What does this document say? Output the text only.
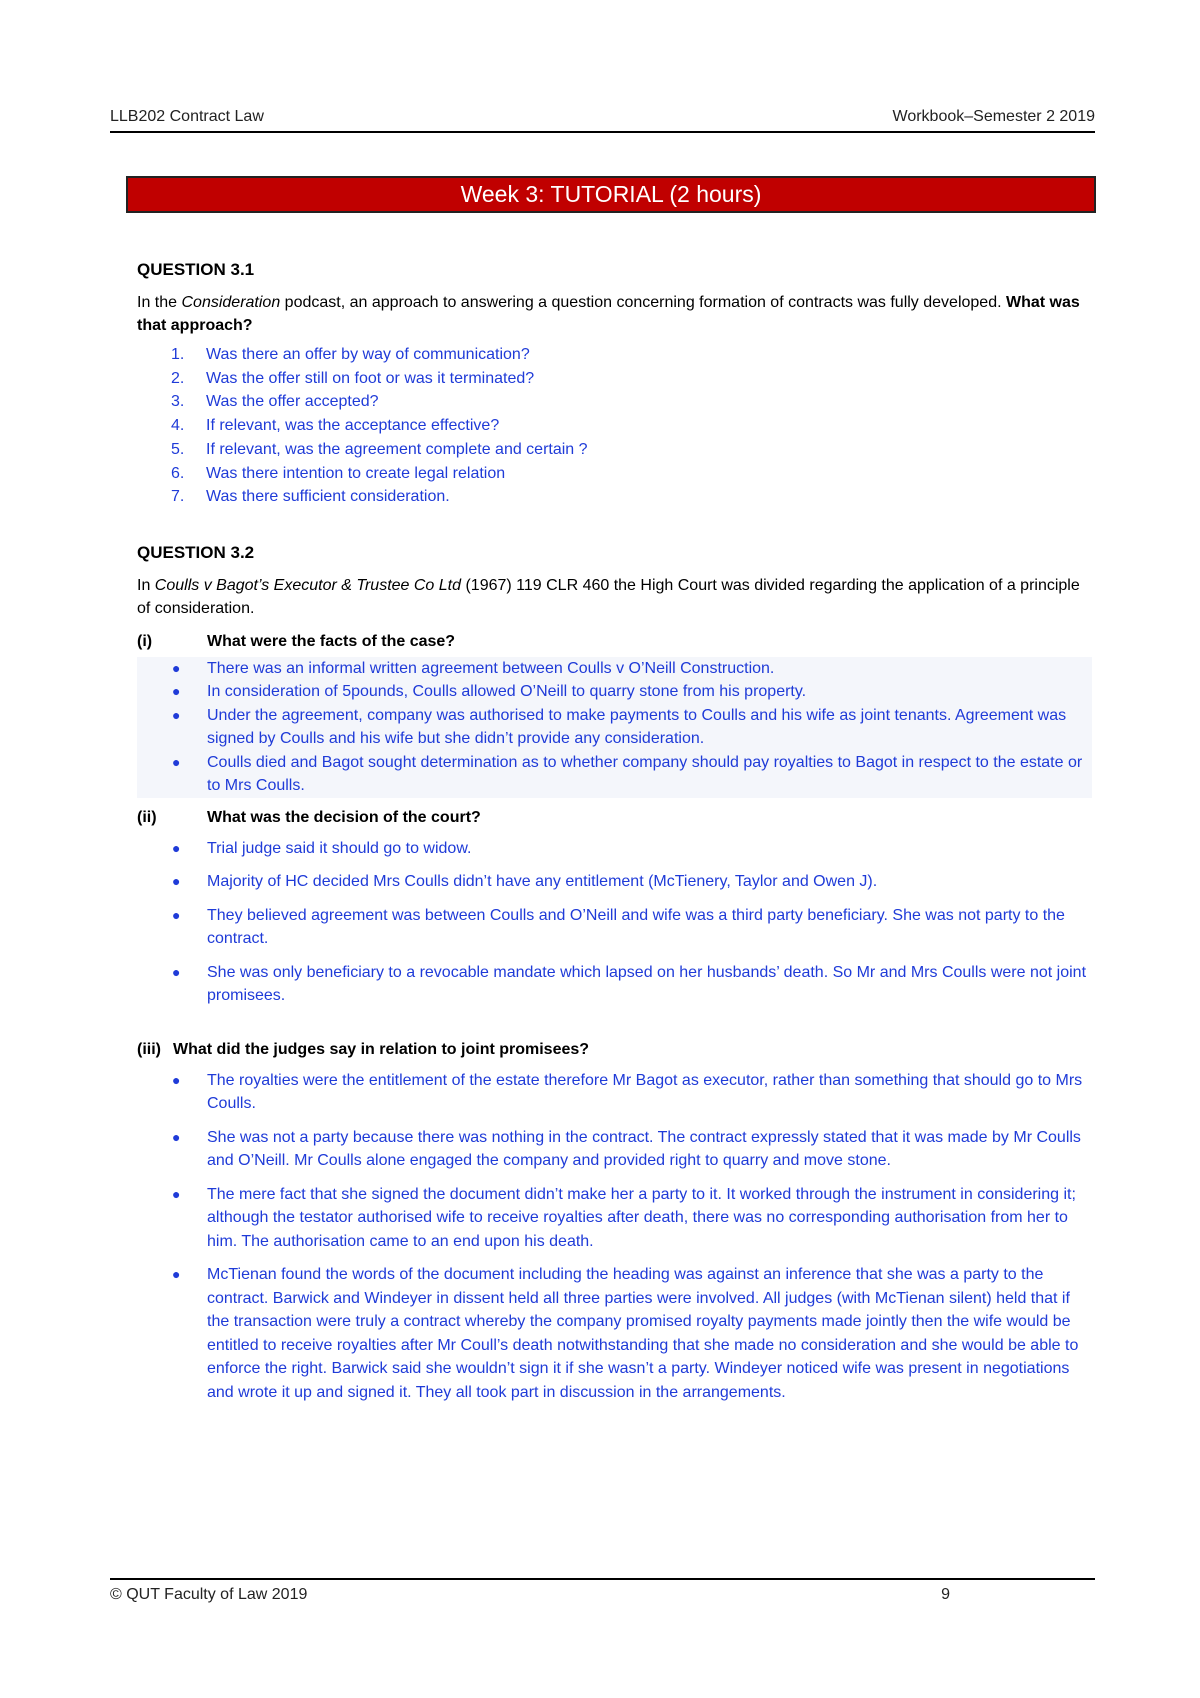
LLB202 Contract Law	Workbook–Semester 2 2019
Week 3: TUTORIAL (2 hours)
QUESTION 3.1

In the Consideration podcast, an approach to answering a question concerning formation of contracts was fully developed. What was that approach?

1. Was there an offer by way of communication?
2. Was the offer still on foot or was it terminated?
3. Was the offer accepted?
4. If relevant, was the acceptance effective?
5. If relevant, was the agreement complete and certain ?
6. Was there intention to create legal relation
7. Was there sufficient consideration.
QUESTION 3.2

In Coulls v Bagot’s Executor & Trustee Co Ltd (1967) 119 CLR 460 the High Court was divided regarding the application of a principle of consideration.

(i)	What were the facts of the case?
● There was an informal written agreement between Coulls v O’Neill Construction.
● In consideration of 5pounds, Coulls allowed O’Neill to quarry stone from his property.
● Under the agreement, company was authorised to make payments to Coulls and his wife as joint tenants. Agreement was signed by Coulls and his wife but she didn’t provide any consideration.
● Coulls died and Bagot sought determination as to whether company should pay royalties to Bagot in respect to the estate or to Mrs Coulls.
(ii)	What was the decision of the court?
● Trial judge said it should go to widow.
● Majority of HC decided Mrs Coulls didn’t have any entitlement (McTienery, Taylor and Owen J).
● They believed agreement was between Coulls and O’Neill and wife was a third party beneficiary. She was not party to the contract.
● She was only beneficiary to a revocable mandate which lapsed on her husbands’ death. So Mr and Mrs Coulls were not joint promisees.
(iii) What did the judges say in relation to joint promisees?
● The royalties were the entitlement of the estate therefore Mr Bagot as executor, rather than something that should go to Mrs Coulls.
● She was not a party because there was nothing in the contract. The contract expressly stated that it was made by Mr Coulls and O’Neill. Mr Coulls alone engaged the company and provided right to quarry and move stone.
● The mere fact that she signed the document didn’t make her a party to it. It worked through the instrument in considering it; although the testator authorised wife to receive royalties after death, there was no corresponding authorisation from her to him. The authorisation came to an end upon his death.
● McTienan found the words of the document including the heading was against an inference that she was a party to the contract. Barwick and Windeyer in dissent held all three parties were involved. All judges (with McTienan silent) held that if the transaction were truly a contract whereby the company promised royalty payments made jointly then the wife would be entitled to receive royalties after Mr Coull’s death notwithstanding that she made no consideration and she would be able to enforce the right. Barwick said she wouldn’t sign it if she wasn’t a party. Windeyer noticed wife was present in negotiations and wrote it up and signed it. They all took part in discussion in the arrangements.
© QUT Faculty of Law 2019	9
